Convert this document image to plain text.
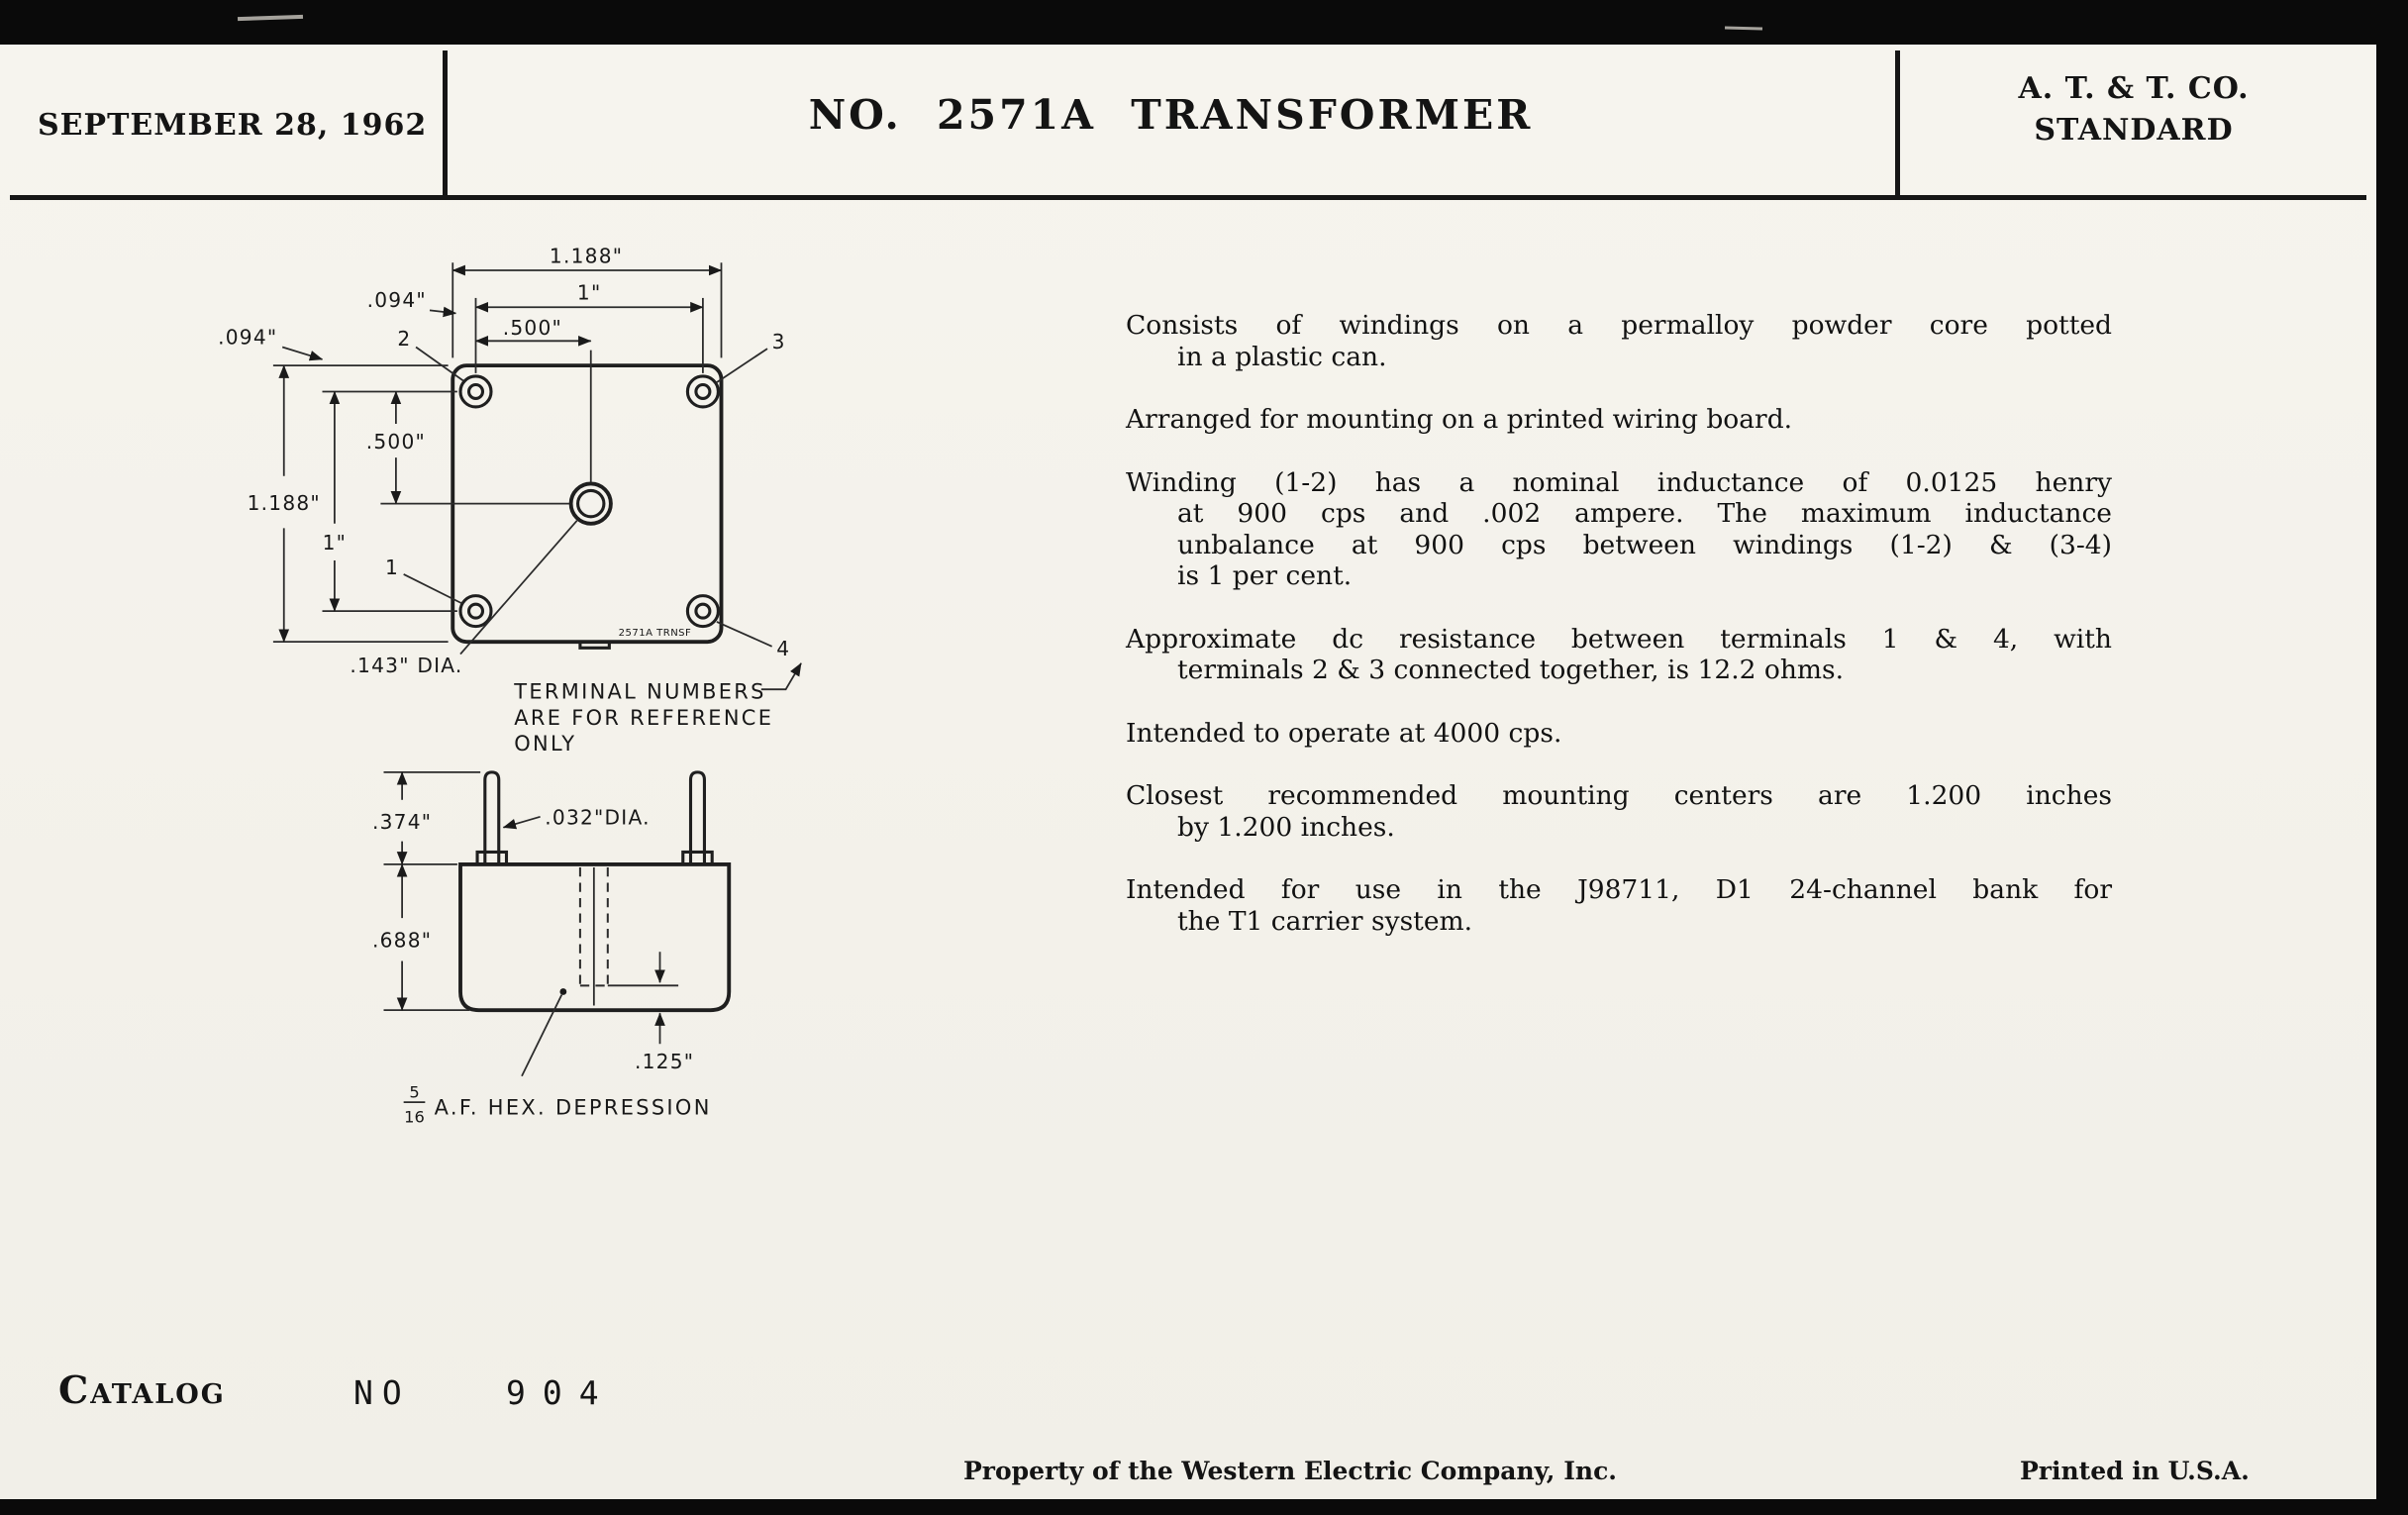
SEPTEMBER 28, 1962	NO. 2571A TRANSFORMER
A. T. & T. CO.
STANDARD
1.188"
1"
.500"
.094"
.094"
1.188"
1"
.500"
2	3
1
4
.143" DIA.
2571A TRNSF
TERMINAL NUMBERS
ARE FOR REFERENCE
ONLY
.374"	.032"DIA.
.688"
.125"
5
16 A.F. HEX. DEPRESSION
Consists of windings on a permalloy powder core potted
in a plastic can.
Arranged for mounting on a printed wiring board.
Winding (1-2) has a nominal inductance of 0.0125 henry
at 900 cps and .002 ampere. The maximum inductance
unbalance at 900 cps between windings (1-2) & (3-4)
is 1 per cent.
Approximate dc resistance between terminals 1 & 4, with
terminals 2 & 3 connected together, is 12.2 ohms.
Intended to operate at 4000 cps.
Closest recommended mounting centers are 1.200 inches
by 1.200 inches.
Intended for use in the J98711, D1 24-channel bank for
the T1 carrier system.
Catalog	NO	904
Property of the Western Electric Company, Inc.	Printed in U.S.A.
